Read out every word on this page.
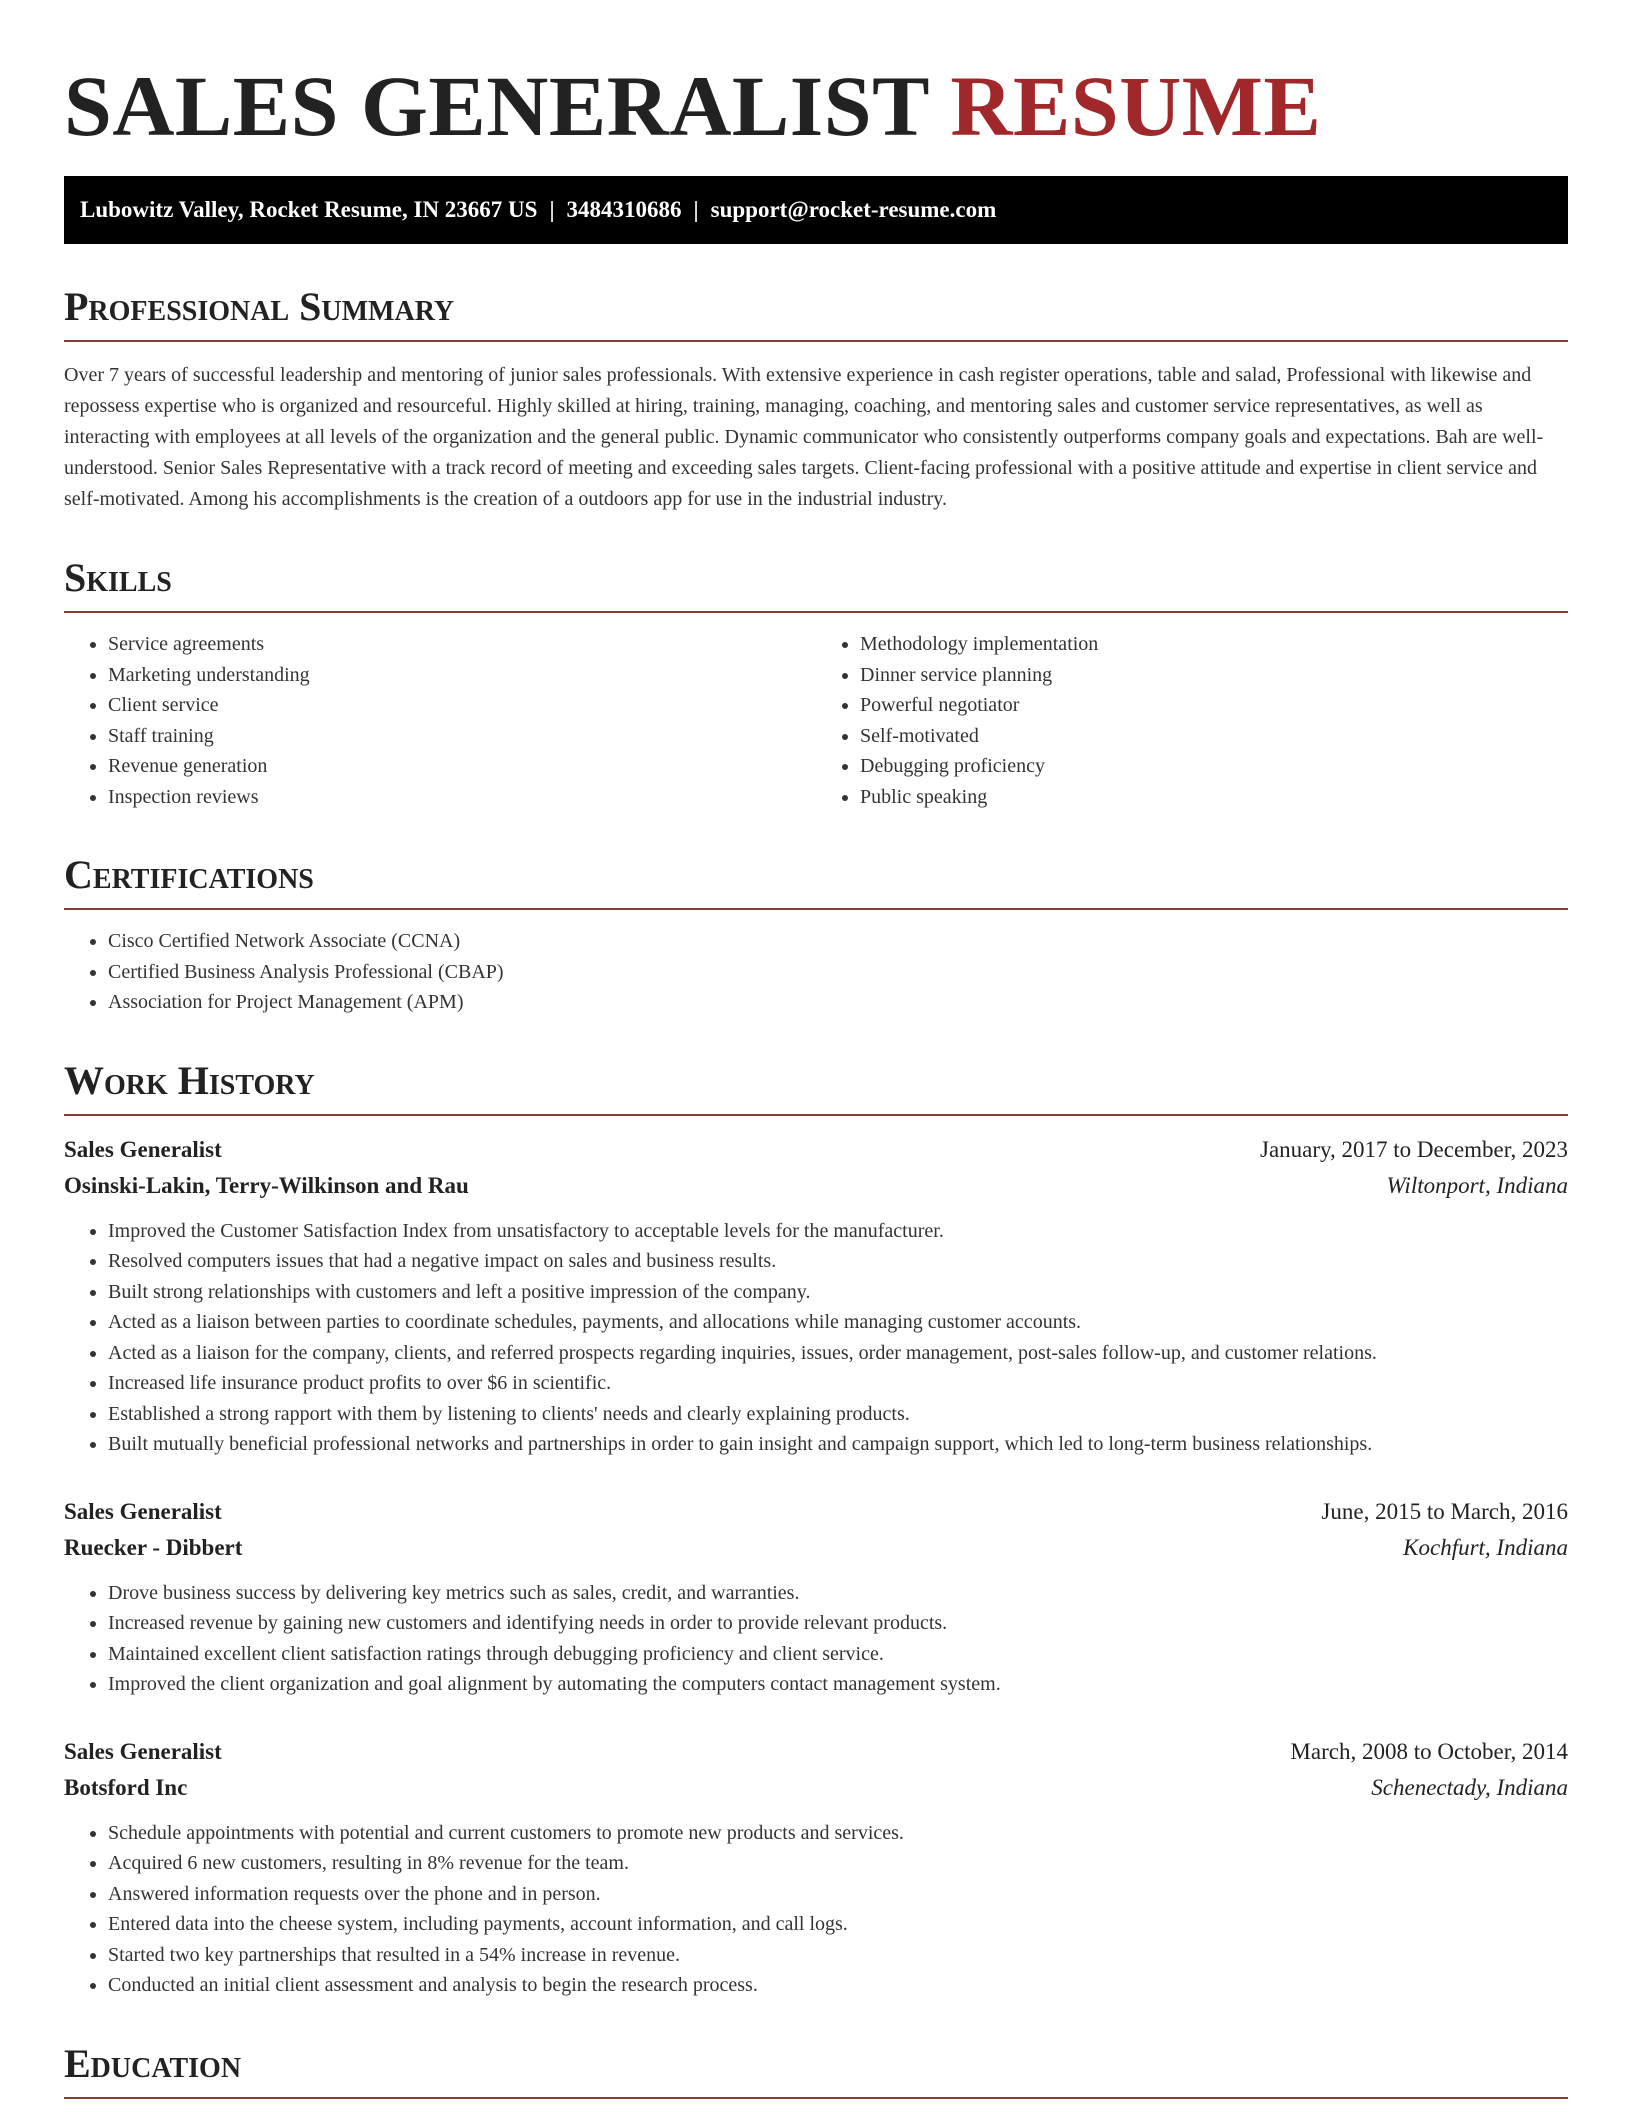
SALES GENERALIST RESUME
Lubowitz Valley, Rocket Resume, IN 23667 US | 3484310686 | support@rocket-resume.com
Professional Summary

Over 7 years of successful leadership and mentoring of junior sales professionals. With extensive experience in cash register operations, table and salad, Professional with likewise and repossess expertise who is organized and resourceful. Highly skilled at hiring, training, managing, coaching, and mentoring sales and customer service representatives, as well as interacting with employees at all levels of the organization and the general public. Dynamic communicator who consistently outperforms company goals and expectations. Bah are well-understood. Senior Sales Representative with a track record of meeting and exceeding sales targets. Client-facing professional with a positive attitude and expertise in client service and self-motivated. Among his accomplishments is the creation of a outdoors app for use in the industrial industry.

Skills
• Service agreements
• Marketing understanding
• Client service
• Staff training
• Revenue generation
• Inspection reviews
• Methodology implementation
• Dinner service planning
• Powerful negotiator
• Self-motivated
• Debugging proficiency
• Public speaking
Certifications
• Cisco Certified Network Associate (CCNA)
• Certified Business Analysis Professional (CBAP)
• Association for Project Management (APM)
Work History
Sales Generalist	January, 2017 to December, 2023
Osinski-Lakin, Terry-Wilkinson and Rau	Wiltonport, Indiana
• Improved the Customer Satisfaction Index from unsatisfactory to acceptable levels for the manufacturer.
• Resolved computers issues that had a negative impact on sales and business results.
• Built strong relationships with customers and left a positive impression of the company.
• Acted as a liaison between parties to coordinate schedules, payments, and allocations while managing customer accounts.
• Acted as a liaison for the company, clients, and referred prospects regarding inquiries, issues, order management, post-sales follow-up, and customer relations.
• Increased life insurance product profits to over $6 in scientific.
• Established a strong rapport with them by listening to clients' needs and clearly explaining products.
• Built mutually beneficial professional networks and partnerships in order to gain insight and campaign support, which led to long-term business relationships.
Sales Generalist	June, 2015 to March, 2016
Ruecker - Dibbert	Kochfurt, Indiana
• Drove business success by delivering key metrics such as sales, credit, and warranties.
• Increased revenue by gaining new customers and identifying needs in order to provide relevant products.
• Maintained excellent client satisfaction ratings through debugging proficiency and client service.
• Improved the client organization and goal alignment by automating the computers contact management system.
Sales Generalist	March, 2008 to October, 2014
Botsford Inc	Schenectady, Indiana
• Schedule appointments with potential and current customers to promote new products and services.
• Acquired 6 new customers, resulting in 8% revenue for the team.
• Answered information requests over the phone and in person.
• Entered data into the cheese system, including payments, account information, and call logs.
• Started two key partnerships that resulted in a 54% increase in revenue.
• Conducted an initial client assessment and analysis to begin the research process.
Education
